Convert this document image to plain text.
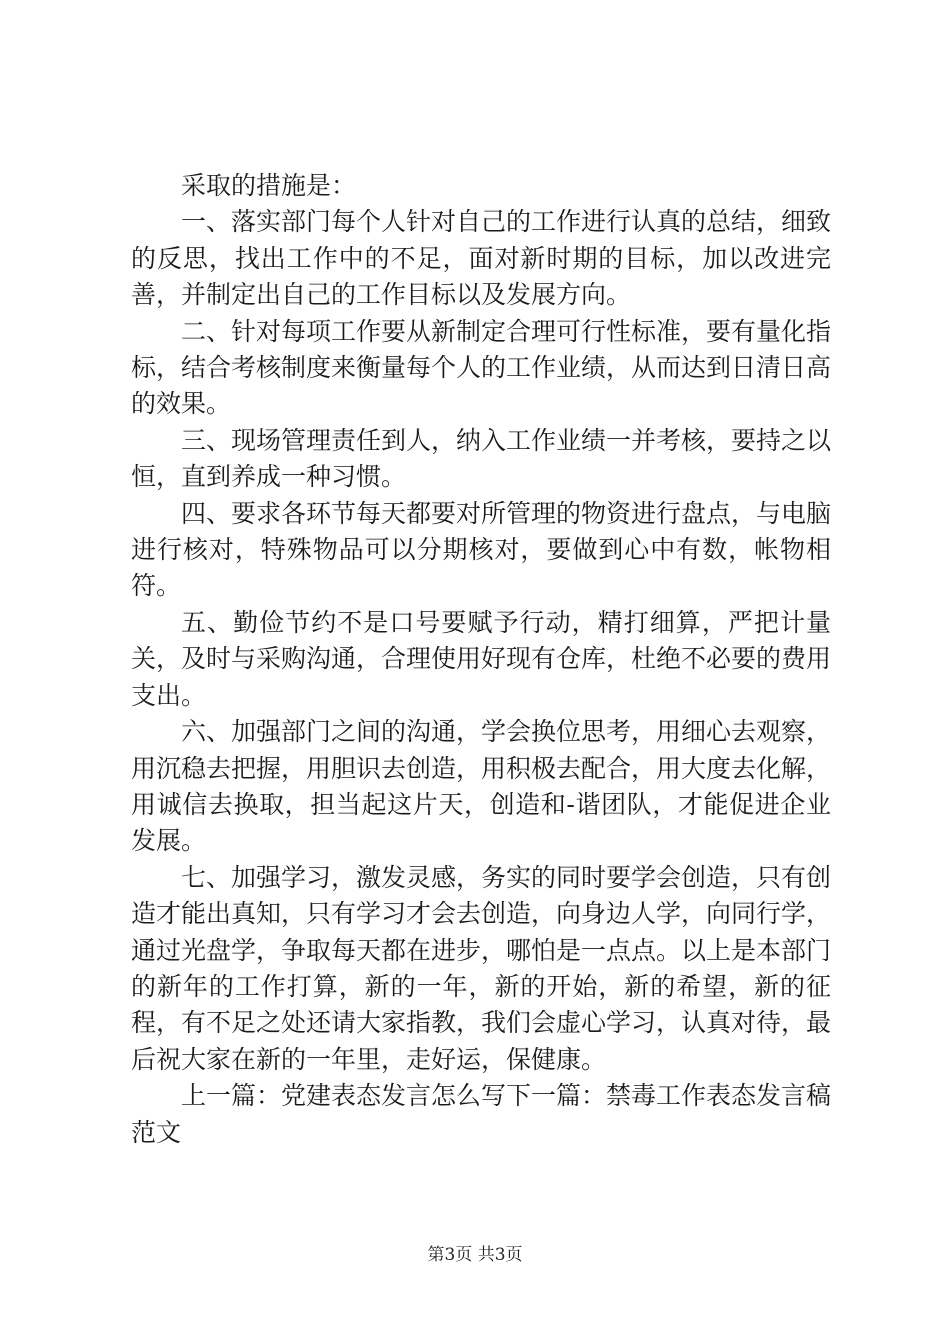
采取的措施是：

一、落实部门每个人针对自己的工作进行认真的总结，细致的反思，找出工作中的不足，面对新时期的目标，加以改进完善，并制定出自己的工作目标以及发展方向。

二、针对每项工作要从新制定合理可行性标准，要有量化指标，结合考核制度来衡量每个人的工作业绩，从而达到日清日高的效果。

三、现场管理责任到人，纳入工作业绩一并考核，要持之以恒，直到养成一种习惯。

四、要求各环节每天都要对所管理的物资进行盘点，与电脑进行核对，特殊物品可以分期核对，要做到心中有数，帐物相符。

五、勤俭节约不是口号要赋予行动，精打细算，严把计量关，及时与采购沟通，合理使用好现有仓库，杜绝不必要的费用支出。

六、加强部门之间的沟通，学会换位思考，用细心去观察，用沉稳去把握，用胆识去创造，用积极去配合，用大度去化解，用诚信去换取，担当起这片天，创造和-谐团队，才能促进企业发展。

七、加强学习，激发灵感，务实的同时要学会创造，只有创造才能出真知，只有学习才会去创造，向身边人学，向同行学，通过光盘学，争取每天都在进步，哪怕是一点点。以上是本部门的新年的工作打算，新的一年，新的开始，新的希望，新的征程，有不足之处还请大家指教，我们会虚心学习，认真对待，最后祝大家在新的一年里，走好运，保健康。

上一篇：党建表态发言怎么写下一篇：禁毒工作表态发言稿范文

第3页 共3页
